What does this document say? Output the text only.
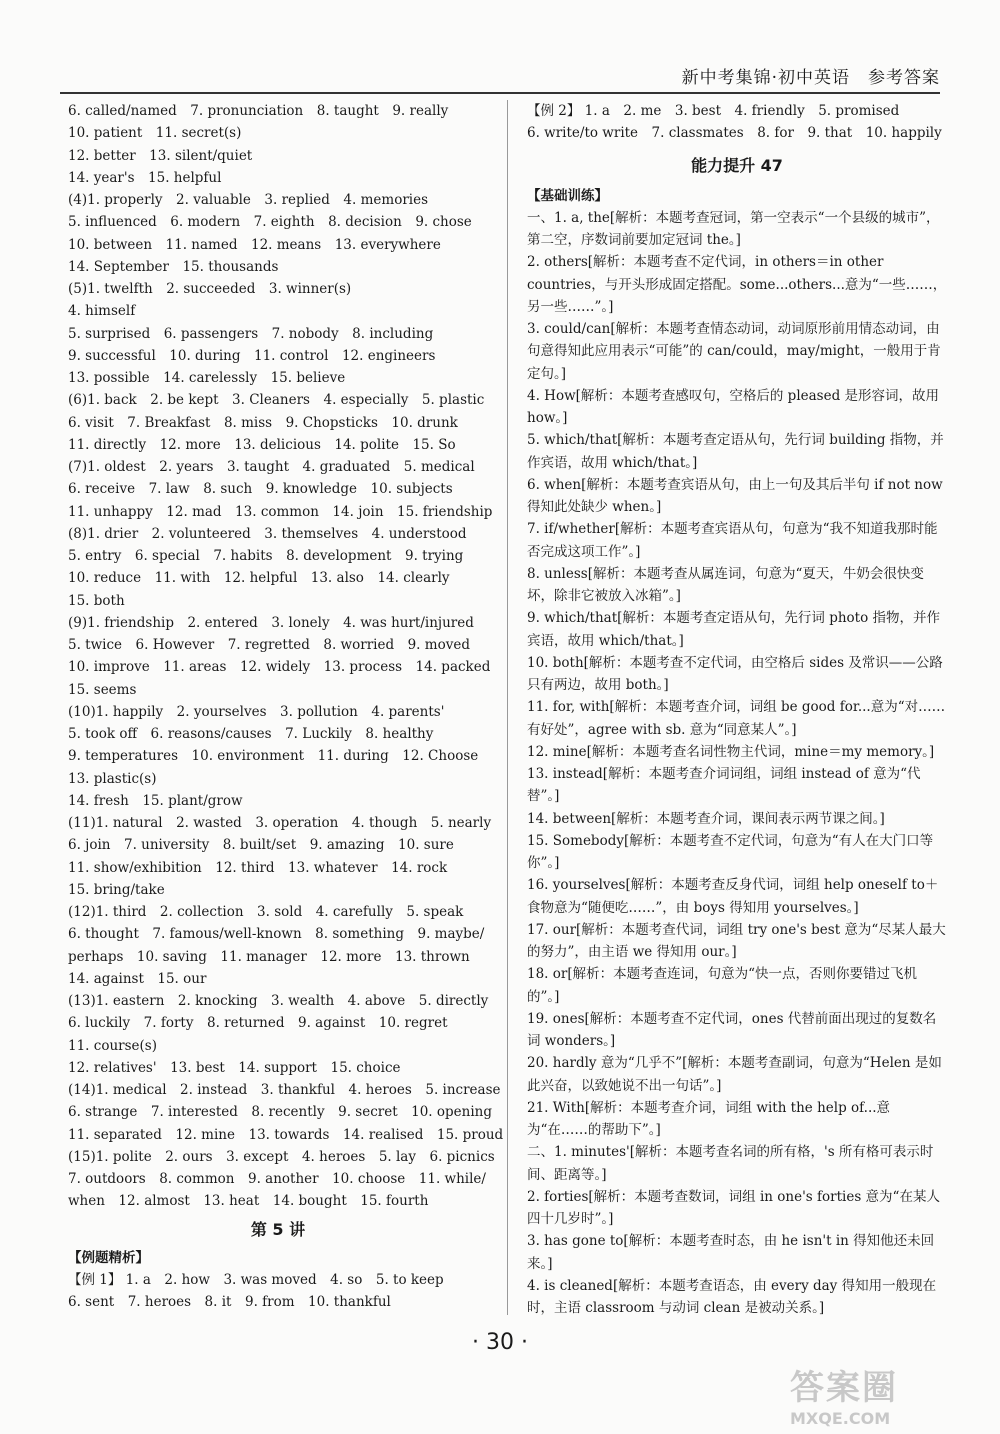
新中考集锦·初中英语　参考答案
6. called/named　7. pronunciation　8. taught　9. really
10. patient　11. secret(s)
12. better　13. silent/quiet
14. year's　15. helpful
(4)1. properly　2. valuable　3. replied　4. memories
5. influenced　6. modern　7. eighth　8. decision　9. chose
10. between　11. named　12. means　13. everywhere
14. September　15. thousands
(5)1. twelfth　2. succeeded　3. winner(s)
4. himself
5. surprised　6. passengers　7. nobody　8. including
9. successful　10. during　11. control　12. engineers
13. possible　14. carelessly　15. believe
(6)1. back　2. be kept　3. Cleaners　4. especially　5. plastic
6. visit　7. Breakfast　8. miss　9. Chopsticks　10. drunk
11. directly　12. more　13. delicious　14. polite　15. So
(7)1. oldest　2. years　3. taught　4. graduated　5. medical
6. receive　7. law　8. such　9. knowledge　10. subjects
11. unhappy　12. mad　13. common　14. join　15. friendship
(8)1. drier　2. volunteered　3. themselves　4. understood
5. entry　6. special　7. habits　8. development　9. trying
10. reduce　11. with　12. helpful　13. also　14. clearly
15. both
(9)1. friendship　2. entered　3. lonely　4. was hurt/injured
5. twice　6. However　7. regretted　8. worried　9. moved
10. improve　11. areas　12. widely　13. process　14. packed
15. seems
(10)1. happily　2. yourselves　3. pollution　4. parents'
5. took off　6. reasons/causes　7. Luckily　8. healthy
9. temperatures　10. environment　11. during　12. Choose
13. plastic(s)
14. fresh　15. plant/grow
(11)1. natural　2. wasted　3. operation　4. though　5. nearly
6. join　7. university　8. built/set　9. amazing　10. sure
11. show/exhibition　12. third　13. whatever　14. rock
15. bring/take
(12)1. third　2. collection　3. sold　4. carefully　5. speak
6. thought　7. famous/well-known　8. something　9. maybe/
perhaps　10. saving　11. manager　12. more　13. thrown
14. against　15. our
(13)1. eastern　2. knocking　3. wealth　4. above　5. directly
6. luckily　7. forty　8. returned　9. against　10. regret
11. course(s)
12. relatives'　13. best　14. support　15. choice
(14)1. medical　2. instead　3. thankful　4. heroes　5. increase
6. strange　7. interested　8. recently　9. secret　10. opening
11. separated　12. mine　13. towards　14. realised　15. proud
(15)1. polite　2. ours　3. except　4. heroes　5. lay　6. picnics
7. outdoors　8. common　9. another　10. choose　11. while/
when　12. almost　13. heat　14. bought　15. fourth
第 5 讲
【例题精析】
【例 1】 1. a　2. how　3. was moved　4. so　5. to keep
6. sent　7. heroes　8. it　9. from　10. thankful
【例 2】 1. a　2. me　3. best　4. friendly　5. promised
6. write/to write　7. classmates　8. for　9. that　10. happily
能力提升 47
【基础训练】
一、1. a, the[解析：本题考查冠词，第一空表示“一个县级的城市”，第二空，序数词前要加定冠词 the。]
2. others[解析：本题考查不定代词，in others＝in other countries，与开头形成固定搭配。some...others...意为“一些……，另一些……”。]
3. could/can[解析：本题考查情态动词，动词原形前用情态动词，由句意得知此应用表示“可能”的 can/could，may/might，一般用于肯定句。]
4. How[解析：本题考查感叹句，空格后的 pleased 是形容词，故用 how。]
5. which/that[解析：本题考查定语从句，先行词 building 指物，并作宾语，故用 which/that。]
6. when[解析：本题考查宾语从句，由上一句及其后半句 if not now 得知此处缺少 when。]
7. if/whether[解析：本题考查宾语从句，句意为“我不知道我那时能否完成这项工作”。]
8. unless[解析：本题考查从属连词，句意为“夏天，牛奶会很快变坏，除非它被放入冰箱”。]
9. which/that[解析：本题考查定语从句，先行词 photo 指物，并作宾语，故用 which/that。]
10. both[解析：本题考查不定代词，由空格后 sides 及常识——公路只有两边，故用 both。]
11. for, with[解析：本题考查介词，词组 be good for...意为“对……有好处”，agree with sb. 意为“同意某人”。]
12. mine[解析：本题考查名词性物主代词，mine＝my memory。]
13. instead[解析：本题考查介词词组，词组 instead of 意为“代替”。]
14. between[解析：本题考查介词，课间表示两节课之间。]
15. Somebody[解析：本题考查不定代词，句意为“有人在大门口等你”。]
16. yourselves[解析：本题考查反身代词，词组 help oneself to＋食物意为“随便吃……”，由 boys 得知用 yourselves。]
17. our[解析：本题考查代词，词组 try one's best 意为“尽某人最大的努力”，由主语 we 得知用 our。]
18. or[解析：本题考查连词，句意为“快一点，否则你要错过飞机的”。]
19. ones[解析：本题考查不定代词，ones 代替前面出现过的复数名词 wonders。]
20. hardly 意为“几乎不”[解析：本题考查副词，句意为“Helen 是如此兴奋，以致她说不出一句话”。]
21. With[解析：本题考查介词，词组 with the help of...意为“在……的帮助下”。]
二、1. minutes'[解析：本题考查名词的所有格，'s 所有格可表示时间、距离等。]
2. forties[解析：本题考查数词，词组 in one's forties 意为“在某人四十几岁时”。]
3. has gone to[解析：本题考查时态，由 he isn't in 得知他还未回来。]
4. is cleaned[解析：本题考查语态，由 every day 得知用一般现在时，主语 classroom 与动词 clean 是被动关系。]
· 30 ·
答案圈
MXQE.COM
